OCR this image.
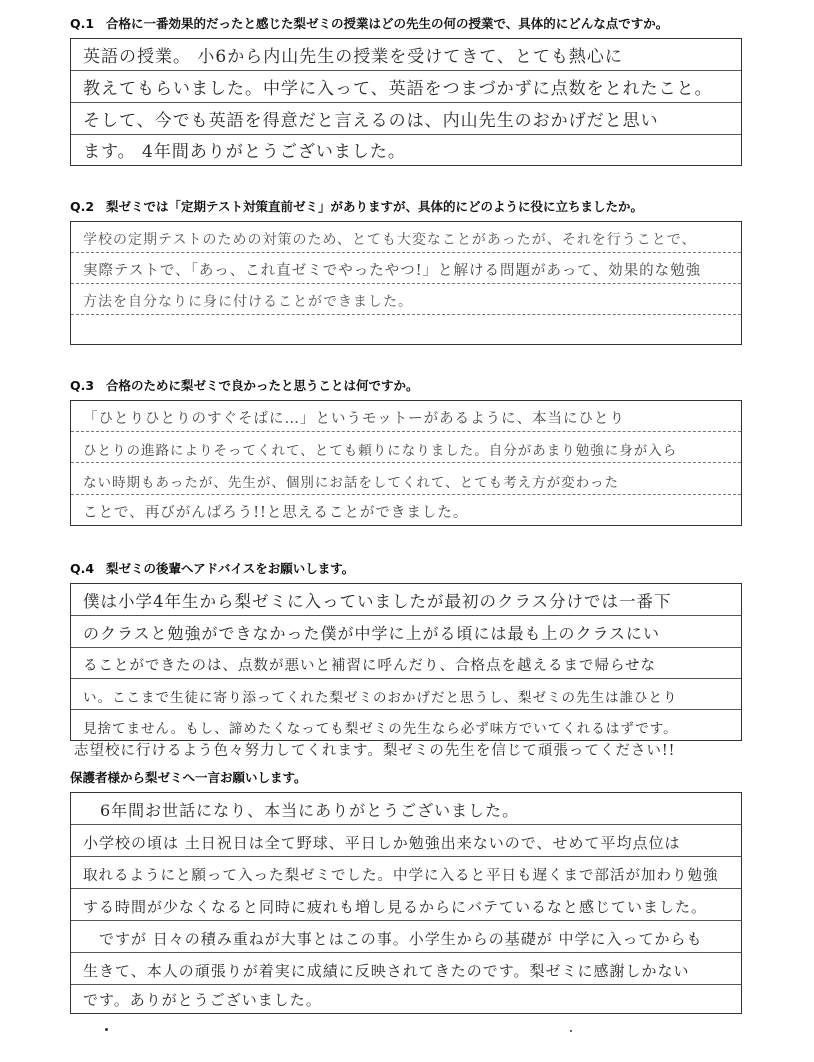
Q.1 合格に一番効果的だったと感じた梨ゼミの授業はどの先生の何の授業で、具体的にどんな点ですか。
英語の授業。 小6から内山先生の授業を受けてきて、とても熱心に
教えてもらいました。中学に入って、英語をつまづかずに点数をとれたこと。
そして、今でも英語を得意だと言えるのは、内山先生のおかげだと思い
ます。 4年間ありがとうございました。
Q.2 梨ゼミでは「定期テスト対策直前ゼミ」がありますが、具体的にどのように役に立ちましたか。
学校の定期テストのための対策のため、とても大変なことがあったが、それを行うことで、
実際テストで、「あっ、これ直ゼミでやったやつ!」と解ける問題があって、効果的な勉強
方法を自分なりに身に付けることができました。
Q.3 合格のために梨ゼミで良かったと思うことは何ですか。
「ひとりひとりのすぐそばに…」というモットーがあるように、本当にひとり
ひとりの進路によりそってくれて、とても頼りになりました。自分があまり勉強に身が入ら
ない時期もあったが、先生が、個別にお話をしてくれて、とても考え方が変わった
ことで、再びがんばろう!!と思えることができました。
Q.4 梨ゼミの後輩へアドバイスをお願いします。
僕は小学4年生から梨ゼミに入っていましたが最初のクラス分けでは一番下
のクラスと勉強ができなかった僕が中学に上がる頃には最も上のクラスにい
ることができたのは、点数が悪いと補習に呼んだり、合格点を越えるまで帰らせな
い。ここまで生徒に寄り添ってくれた梨ゼミのおかげだと思うし、梨ゼミの先生は誰ひとり
見捨てません。もし、諦めたくなっても梨ゼミの先生なら必ず味方でいてくれるはずです。
志望校に行けるよう色々努力してくれます。梨ゼミの先生を信じて頑張ってください!!
保護者様から梨ゼミへ一言お願いします。
　6年間お世話になり、本当にありがとうございました。
小学校の頃は 土日祝日は全て野球、平日しか勉強出来ないので、せめて平均点位は
取れるようにと願って入った梨ゼミでした。中学に入ると平日も遅くまで部活が加わり勉強
する時間が少なくなると同時に疲れも増し見るからにバテているなと感じていました。
　ですが 日々の積み重ねが大事とはこの事。小学生からの基礎が 中学に入ってからも
生きて、本人の頑張りが着実に成績に反映されてきたのです。梨ゼミに感謝しかない
です。ありがとうございました。
